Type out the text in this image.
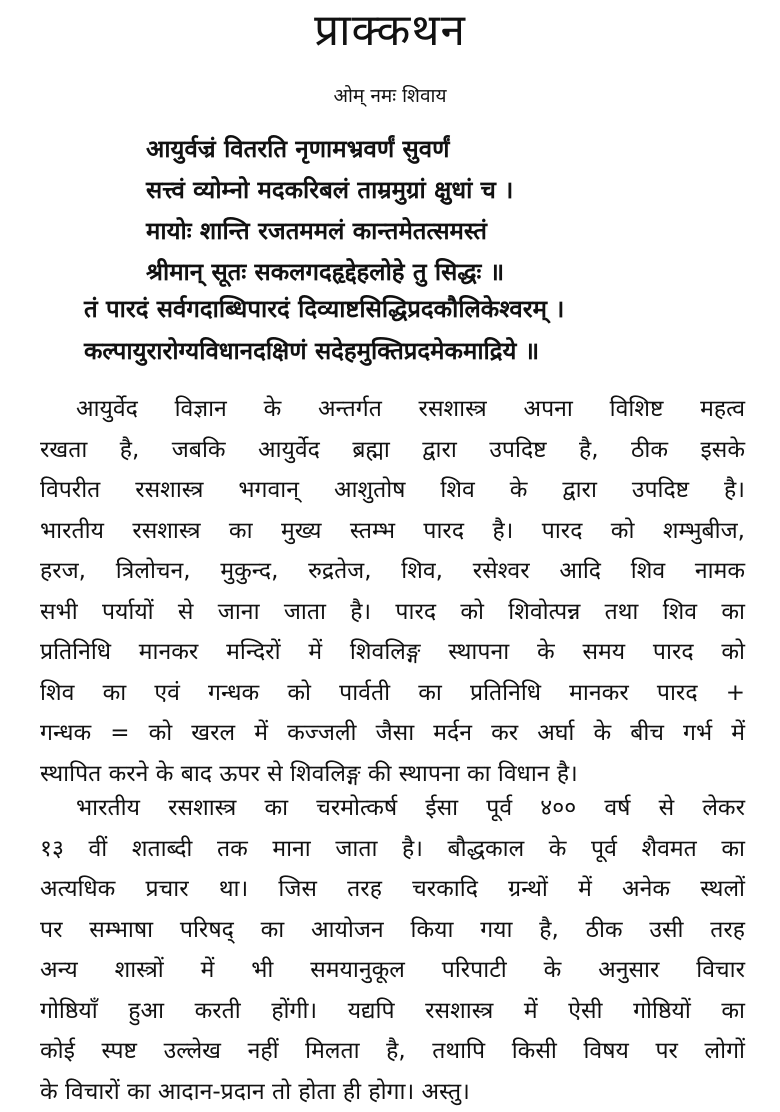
प्राक्कथन
ओम् नमः शिवाय
आयुर्वज्रं वितरति नृणामभ्रवर्णं सुवर्णं
सत्त्वं व्योम्नो मदकरिबलं ताम्रमुग्रां क्षुधां च ।
मायोः शान्ति रजतममलं कान्तमेतत्समस्तं
श्रीमान् सूतः सकलगदहृद्देहलोहे तु सिद्धः ॥
तं पारदं सर्वगदाब्धिपारदं दिव्याष्टसिद्धिप्रदकौलिकेश्वरम् ।
कल्पायुरारोग्यविधानदक्षिणं सदेहमुक्तिप्रदमेकमाद्रिये ॥
आयुर्वेद विज्ञान के अन्तर्गत रसशास्त्र अपना विशिष्ट महत्व
रखता है, जबकि आयुर्वेद ब्रह्मा द्वारा उपदिष्ट है, ठीक इसके
विपरीत रसशास्त्र भगवान् आशुतोष शिव के द्वारा उपदिष्ट है।
भारतीय रसशास्त्र का मुख्य स्तम्भ पारद है। पारद को शम्भुबीज,
हरज, त्रिलोचन, मुकुन्द, रुद्रतेज, शिव, रसेश्वर आदि शिव नामक
सभी पर्यायों से जाना जाता है। पारद को शिवोत्पन्न तथा शिव का
प्रतिनिधि मानकर मन्दिरों में शिवलिङ्ग स्थापना के समय पारद को
शिव का एवं गन्धक को पार्वती का प्रतिनिधि मानकर पारद +
गन्धक = को खरल में कज्जली जैसा मर्दन कर अर्घा के बीच गर्भ में
स्थापित करने के बाद ऊपर से शिवलिङ्ग की स्थापना का विधान है।
भारतीय रसशास्त्र का चरमोत्कर्ष ईसा पूर्व ४०० वर्ष से लेकर
१३ वीं शताब्दी तक माना जाता है। बौद्धकाल के पूर्व शैवमत का
अत्यधिक प्रचार था। जिस तरह चरकादि ग्रन्थों में अनेक स्थलों
पर सम्भाषा परिषद् का आयोजन किया गया है, ठीक उसी तरह
अन्य शास्त्रों में भी समयानुकूल परिपाटी के अनुसार विचार
गोष्ठियाँ हुआ करती होंगी। यद्यपि रसशास्त्र में ऐसी गोष्ठियों का
कोई स्पष्ट उल्लेख नहीं मिलता है, तथापि किसी विषय पर लोगों
के विचारों का आदान-प्रदान तो होता ही होगा। अस्तु।
